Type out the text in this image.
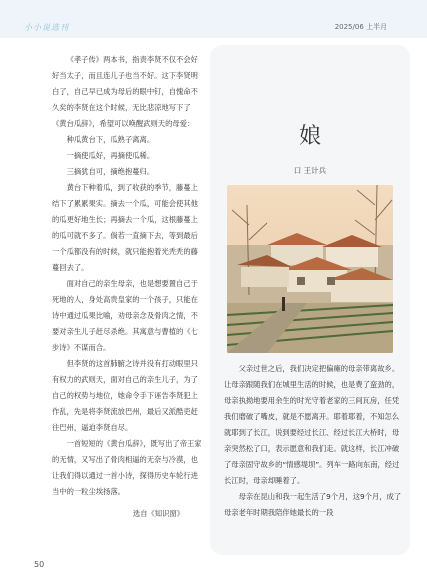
小小说选刊	2025/06 上半月

《孝子传》两本书，指责李贤不仅不会好好当太子，而且连儿子也当不好。这下李贤明白了，自己早已成为母后的眼中钉，自愧命不久矣的李贤在这个时候，无比悲凉地写下了《黄台瓜辞》，希望可以唤醒武则天的母爱：

种瓜黄台下，瓜熟子离离。

一摘使瓜好，再摘使瓜稀。

三摘犹自可，摘绝抱蔓归。

黄台下种着瓜，到了收获的季节，藤蔓上结下了累累果实。摘去一个瓜，可能会使其他的瓜更好地生长；再摘去一个瓜，这根藤蔓上的瓜可就不多了。倘若一直摘下去，等到最后一个瓜都没有的时候，就只能抱着光秃秃的藤蔓回去了。

面对自己的亲生母亲，也是想要置自己于死地的人，身处高贵皇家的一个孩子，只能在诗中通过瓜果比喻，劝母亲念及骨肉之情，不要对亲生儿子赶尽杀绝。其寓意与曹植的《七步诗》不谋而合。

但李贤的这首肺腑之诗并没有打动眼里只有权力的武则天，面对自己的亲生儿子，为了自己的权势与地位，她命令手下诬告李贤犯上作乱，先是将李贤流放巴州，最后又派酷吏赶往巴州，逼迫李贤自尽。

一首短短的《黄台瓜辞》，既写出了帝王家的无情，又写出了骨肉相逼的无奈与冷漠，也让我们得以通过一首小诗，探得历史车轮行进当中的一粒尘埃扬落。

选自《知识窗》

娘
口 王计兵

父亲过世之后，我们决定把偏瘫的母亲带离故乡。让母亲跟随我们在城里生活的时候，也是费了蛮劲的，母亲执拗地要用余生的时光守着老家的三间瓦房，任凭我们磨破了嘴皮，就是不愿离开。耶着耶着，不知怎么就耶到了长江，说到要经过长江、经过长江大桥时，母亲突然松了口，表示愿意和我们走。就这样，长江冲破了母亲固守故乡的“情感堤坝”。列车一路向东南，经过长江时，母亲却睡着了。

母亲在昆山和我一起生活了9个月，这9个月，成了母亲老年时期我陪伴她最长的一段

50
